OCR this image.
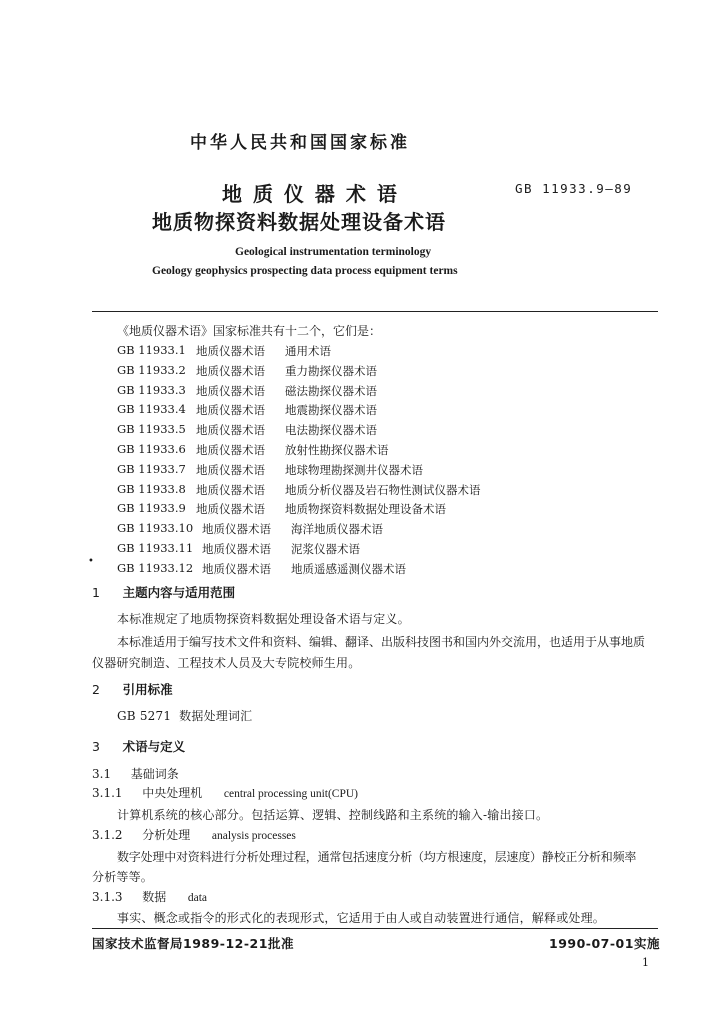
中华人民共和国国家标准
地 质 仪 器 术 语	GB 11933.9—89
地质物探资料数据处理设备术语
Geological instrumentation terminology
Geology geophysics prospecting data process equipment terms
《地质仪器术语》国家标准共有十二个，它们是：
GB 11933.1 地质仪器术语 通用术语
GB 11933.2 地质仪器术语 重力勘探仪器术语
GB 11933.3 地质仪器术语 磁法勘探仪器术语
GB 11933.4 地质仪器术语 地震勘探仪器术语
GB 11933.5 地质仪器术语 电法勘探仪器术语
GB 11933.6 地质仪器术语 放射性勘探仪器术语
GB 11933.7 地质仪器术语 地球物理勘探测井仪器术语
GB 11933.8 地质仪器术语 地质分析仪器及岩石物性测试仪器术语
GB 11933.9 地质仪器术语 地质物探资料数据处理设备术语
GB 11933.10 地质仪器术语 海洋地质仪器术语
GB 11933.11 地质仪器术语 泥浆仪器术语
GB 11933.12 地质仪器术语 地质遥感遥测仪器术语
•
1 主题内容与适用范围
本标准规定了地质物探资料数据处理设备术语与定义。
本标准适用于编写技术文件和资料、编辑、翻译、出版科技图书和国内外交流用，也适用于从事地质
仪器研究制造、工程技术人员及大专院校师生用。
2 引用标准
GB 5271  数据处理词汇
3 术语与定义
3.1 基础词条
3.1.1 中央处理机 central processing unit(CPU)
计算机系统的核心部分。包括运算、逻辑、控制线路和主系统的输入-输出接口。
3.1.2 分析处理 analysis processes
数字处理中对资料进行分析处理过程，通常包括速度分析（均方根速度，层速度）静校正分析和频率
分析等等。
3.1.3 数据 data
事实、概念或指令的形式化的表现形式，它适用于由人或自动装置进行通信，解释或处理。
国家技术监督局1989-12-21批准	1990-07-01实施
1
